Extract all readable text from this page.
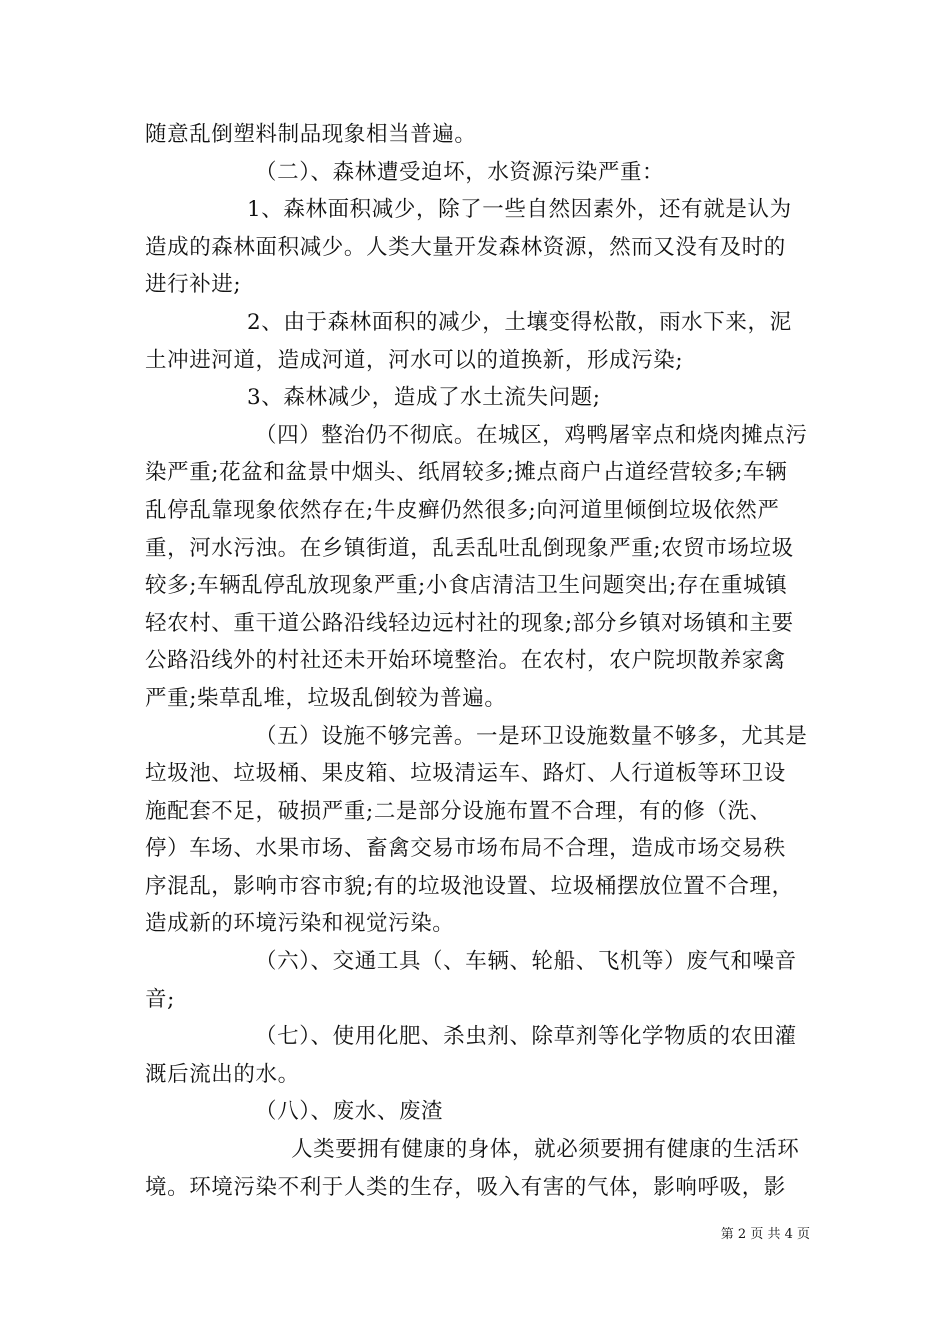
随意乱倒塑料制品现象相当普遍。
（二）、森林遭受迫坏，水资源污染严重：
1、森林面积减少，除了一些自然因素外，还有就是认为
造成的森林面积减少。人类大量开发森林资源，然而又没有及时的
进行补进;
2、由于森林面积的减少，土壤变得松散，雨水下来，泥
土冲进河道，造成河道，河水可以的道换新，形成污染;
3、森林减少，造成了水土流失问题;
（四）整治仍不彻底。在城区，鸡鸭屠宰点和烧肉摊点污
染严重;花盆和盆景中烟头、纸屑较多;摊点商户占道经营较多;车辆
乱停乱靠现象依然存在;牛皮癣仍然很多;向河道里倾倒垃圾依然严
重，河水污浊。在乡镇街道，乱丢乱吐乱倒现象严重;农贸市场垃圾
较多;车辆乱停乱放现象严重;小食店清洁卫生问题突出;存在重城镇
轻农村、重干道公路沿线轻边远村社的现象;部分乡镇对场镇和主要
公路沿线外的村社还未开始环境整治。在农村，农户院坝散养家禽
严重;柴草乱堆，垃圾乱倒较为普遍。
（五）设施不够完善。一是环卫设施数量不够多，尤其是
垃圾池、垃圾桶、果皮箱、垃圾清运车、路灯、人行道板等环卫设
施配套不足，破损严重;二是部分设施布置不合理，有的修（洗、
停）车场、水果市场、畜禽交易市场布局不合理，造成市场交易秩
序混乱，影响市容市貌;有的垃圾池设置、垃圾桶摆放位置不合理，
造成新的环境污染和视觉污染。
（六）、交通工具（、车辆、轮船、飞机等）废气和噪音
音;
（七）、使用化肥、杀虫剂、除草剂等化学物质的农田灌
溉后流出的水。
（八）、废水、废渣
人类要拥有健康的身体，就必须要拥有健康的生活环
境。环境污染不利于人类的生存，吸入有害的气体，影响呼吸，影
第 2 页 共 4 页
